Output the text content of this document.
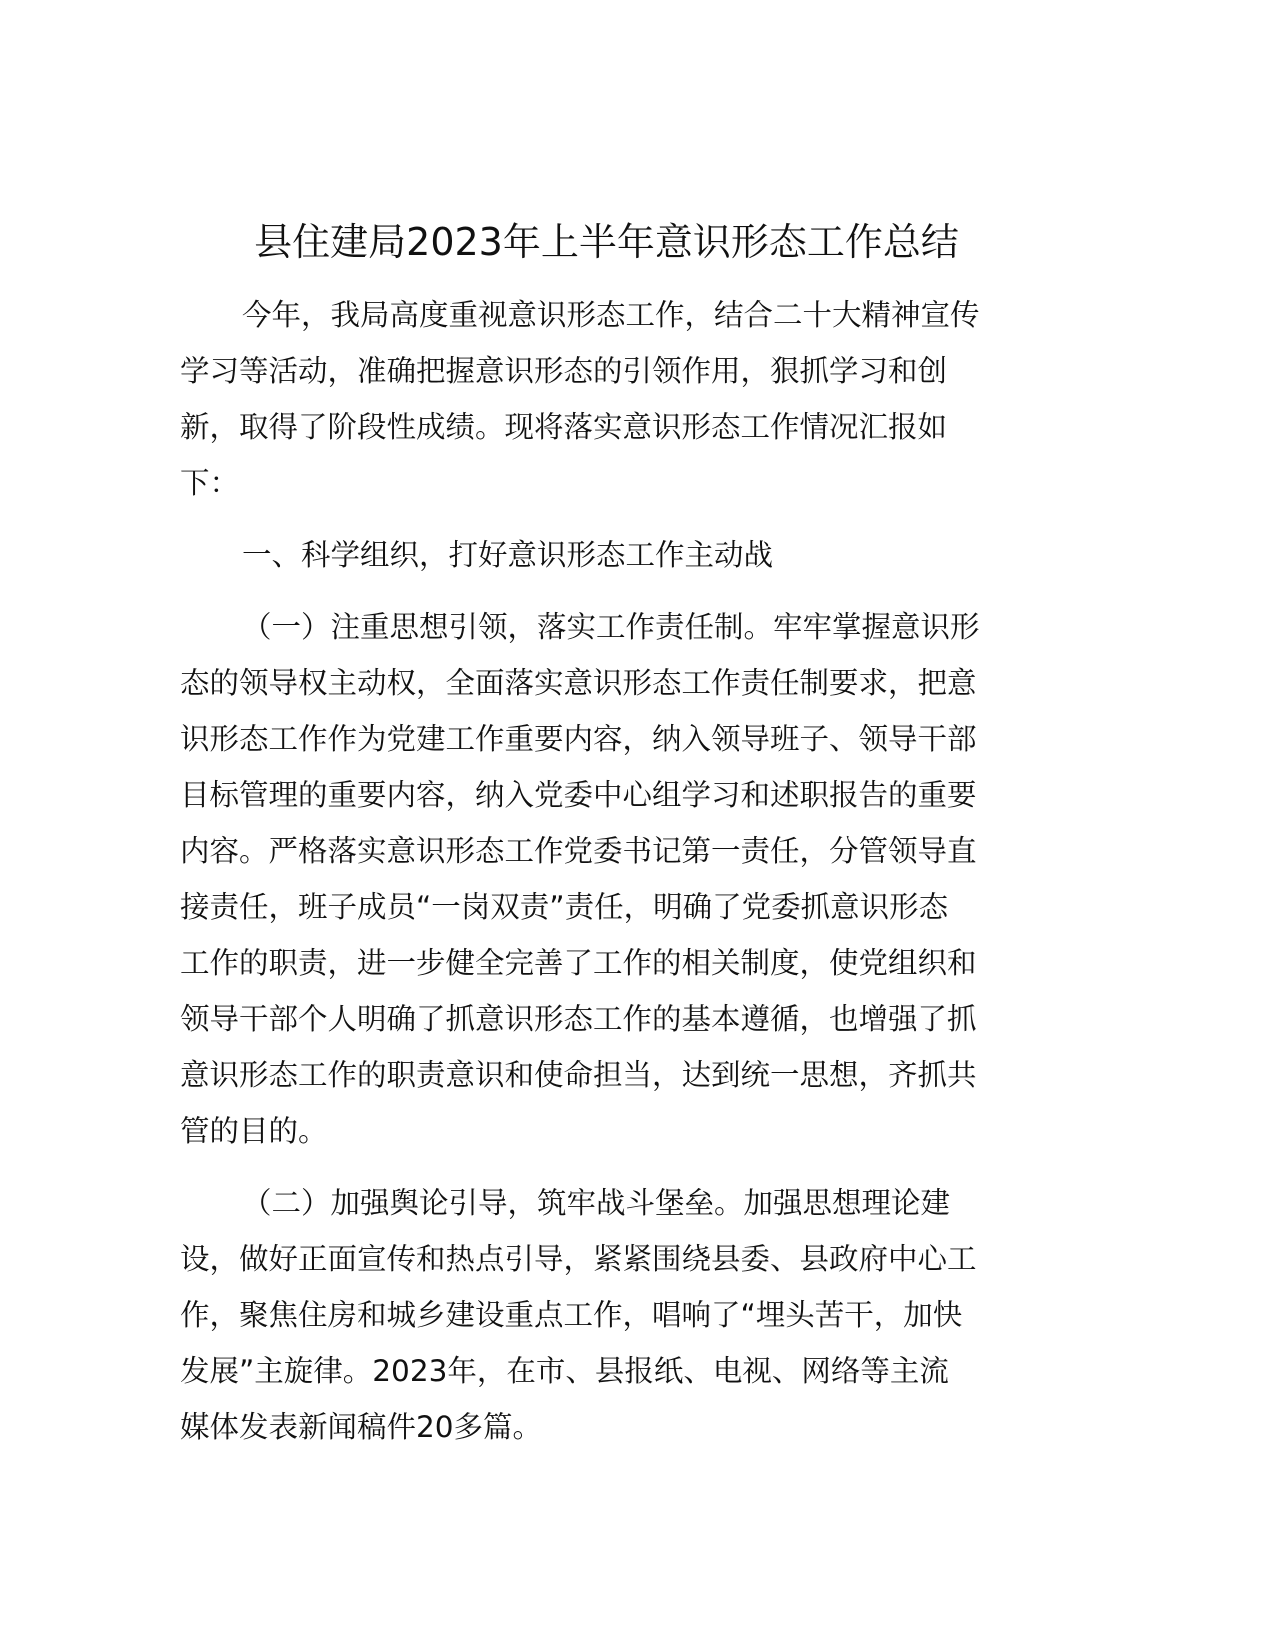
县住建局2023年上半年意识形态工作总结
今年，我局高度重视意识形态工作，结合二十大精神宣传
学习等活动，准确把握意识形态的引领作用，狠抓学习和创
新，取得了阶段性成绩。现将落实意识形态工作情况汇报如
下：
一、科学组织，打好意识形态工作主动战
（一）注重思想引领，落实工作责任制。牢牢掌握意识形
态的领导权主动权，全面落实意识形态工作责任制要求，把意
识形态工作作为党建工作重要内容，纳入领导班子、领导干部
目标管理的重要内容，纳入党委中心组学习和述职报告的重要
内容。严格落实意识形态工作党委书记第一责任，分管领导直
接责任，班子成员“一岗双责”责任，明确了党委抓意识形态
工作的职责，进一步健全完善了工作的相关制度，使党组织和
领导干部个人明确了抓意识形态工作的基本遵循，也增强了抓
意识形态工作的职责意识和使命担当，达到统一思想，齐抓共
管的目的。
（二）加强舆论引导，筑牢战斗堡垒。加强思想理论建
设，做好正面宣传和热点引导，紧紧围绕县委、县政府中心工
作，聚焦住房和城乡建设重点工作，唱响了“埋头苦干，加快
发展”主旋律。2023年，在市、县报纸、电视、网络等主流
媒体发表新闻稿件20多篇。
